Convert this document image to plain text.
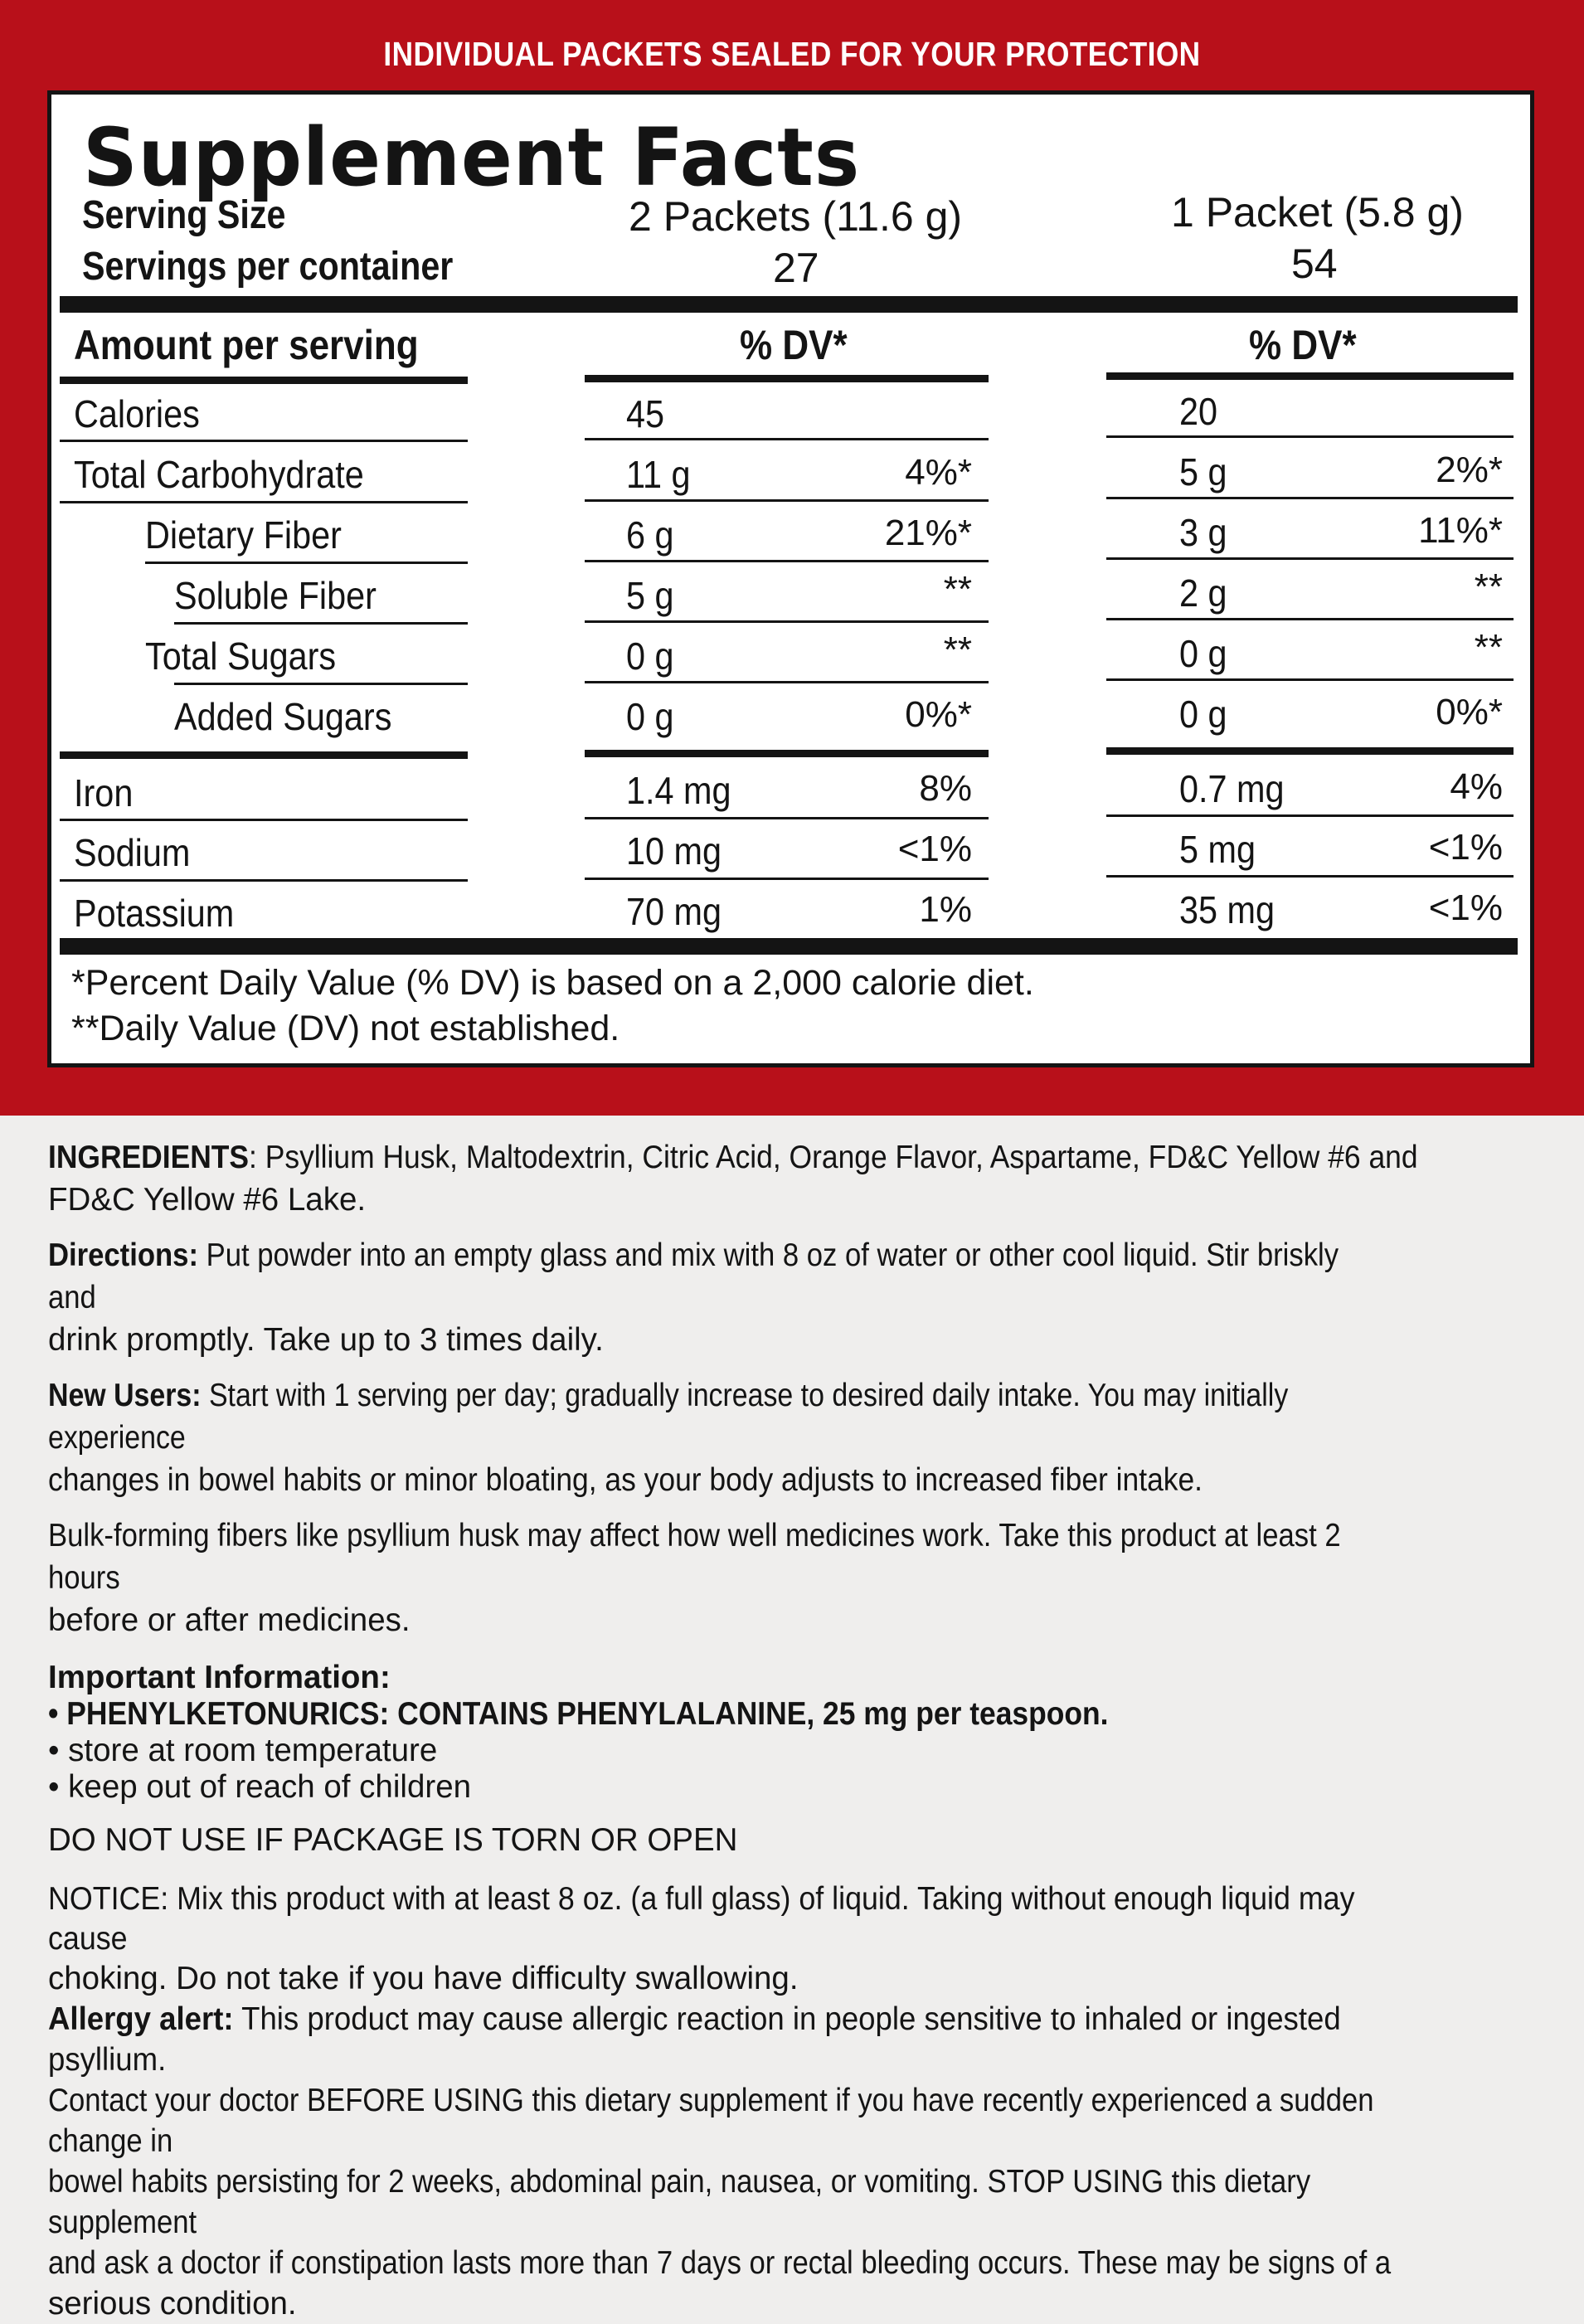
INDIVIDUAL PACKETS SEALED FOR YOUR PROTECTION
Supplement Facts
Serving Size	2 Packets (11.6 g)	1 Packet (5.8 g)
Servings per container	27	54
Amount per serving	% DV*	% DV*
Calories	45	20
Total Carbohydrate	11 g	4%*	5 g	2%*
Dietary Fiber	6 g	21%*	3 g	11%*
Soluble Fiber	5 g	**	2 g	**
Total Sugars	0 g	**	0 g	**
Added Sugars	0 g	0%*	0 g	0%*
Iron	1.4 mg	8%	0.7 mg	4%
Sodium	10 mg	<1%	5 mg	<1%
Potassium	70 mg	1%	35 mg	<1%
*Percent Daily Value (% DV) is based on a 2,000 calorie diet.
**Daily Value (DV) not established.

INGREDIENTS: Psyllium Husk, Maltodextrin, Citric Acid, Orange Flavor, Aspartame, FD&C Yellow #6 and
FD&C Yellow #6 Lake.

Directions: Put powder into an empty glass and mix with 8 oz of water or other cool liquid. Stir briskly and
drink promptly. Take up to 3 times daily.

New Users: Start with 1 serving per day; gradually increase to desired daily intake. You may initially experience
changes in bowel habits or minor bloating, as your body adjusts to increased fiber intake.

Bulk-forming fibers like psyllium husk may affect how well medicines work. Take this product at least 2 hours
before or after medicines.

Important Information:
• PHENYLKETONURICS: CONTAINS PHENYLALANINE, 25 mg per teaspoon.
• store at room temperature
• keep out of reach of children

DO NOT USE IF PACKAGE IS TORN OR OPEN

NOTICE: Mix this product with at least 8 oz. (a full glass) of liquid. Taking without enough liquid may cause
choking. Do not take if you have difficulty swallowing.

Allergy alert: This product may cause allergic reaction in people sensitive to inhaled or ingested psyllium.
Contact your doctor BEFORE USING this dietary supplement if you have recently experienced a sudden change in
bowel habits persisting for 2 weeks, abdominal pain, nausea, or vomiting. STOP USING this dietary supplement
and ask a doctor if constipation lasts more than 7 days or rectal bleeding occurs. These may be signs of a
serious condition.
